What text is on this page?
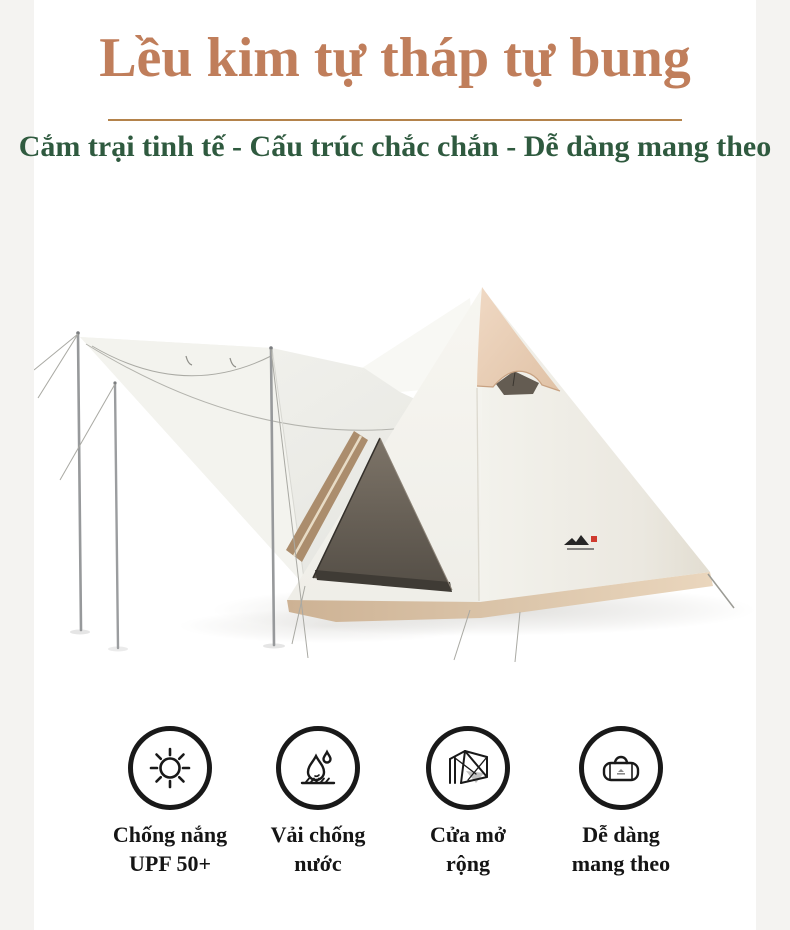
Lều kim tự tháp tự bung
Cắm trại tinh tế - Cấu trúc chắc chắn - Dễ dàng mang theo
Chống nắng
UPF 50+
Vải chống
nước
Cửa mở
rộng
Dễ dàng
mang theo
